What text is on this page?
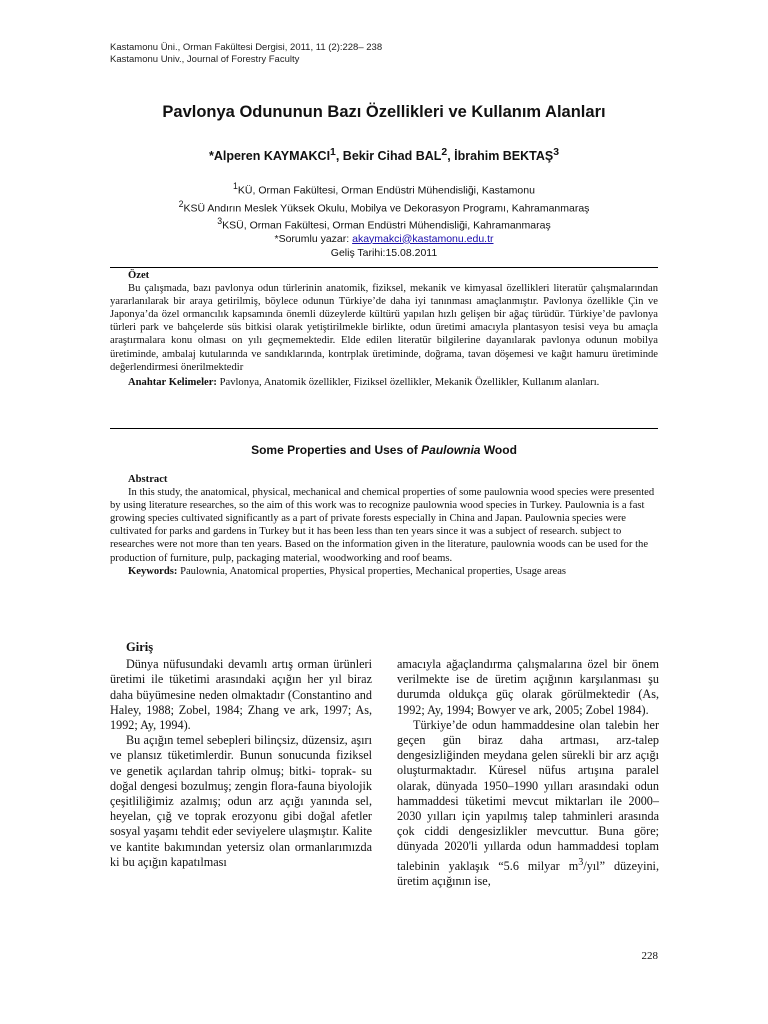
Kastamonu Üni., Orman Fakültesi Dergisi, 2011, 11 (2):228– 238
Kastamonu Univ., Journal of Forestry Faculty
Pavlonya Odununun Bazı Özellikleri ve Kullanım Alanları
*Alperen KAYMAKCI$^1$, Bekir Cihad BAL$^2$, İbrahim BEKTAŞ$^3$
$^1$KÜ, Orman Fakültesi, Orman Endüstri Mühendisliği, Kastamonu
$^2$KSÜ Andırın Meslek Yüksek Okulu, Mobilya ve Dekorasyon Programı, Kahramanmaraş
$^3$KSÜ, Orman Fakültesi, Orman Endüstri Mühendisliği, Kahramanmaraş
*Sorumlu yazar: akaymakci@kastamonu.edu.tr
Geliş Tarihi:15.08.2011

Özet

Bu çalışmada, bazı pavlonya odun türlerinin anatomik, fiziksel, mekanik ve kimyasal özellikleri literatür çalışmalarından yararlanılarak bir araya getirilmiş, böylece odunun Türkiye’de daha iyi tanınması amaçlanmıştır. Pavlonya özellikle Çin ve Japonya’da özel ormancılık kapsamında önemli düzeylerde kültürü yapılan hızlı gelişen bir ağaç türüdür. Türkiye’de pavlonya türleri park ve bahçelerde süs bitkisi olarak yetiştirilmekle birlikte, odun üretimi amacıyla plantasyon tesisi veya bu amaçla araştırmalara konu olması on yılı geçmemektedir. Elde edilen literatür bilgilerine dayanılarak pavlonya odunun mobilya üretiminde, ambalaj kutularında ve sandıklarında, kontrplak üretiminde, doğrama, tavan döşemesi ve kağıt hamuru üretiminde değerlendirmesi önerilmektedir

Anahtar Kelimeler: Pavlonya, Anatomik özellikler, Fiziksel özellikler, Mekanik Özellikler, Kullanım alanları.

Some Properties and Uses of Paulownia Wood

Abstract

In this study, the anatomical, physical, mechanical and chemical properties of some paulownia wood species were presented by using literature researches, so the aim of this work was to recognize paulownia wood species in Turkey. Paulownia is a fast growing species cultivated significantly as a part of private forests especially in China and Japan. Paulownia species were cultivated for parks and gardens in Turkey but it has been less than ten years since it was a subject of research. subject to researches were not more than ten years. Based on the information given in the literature, paulownia woods can be used for the production of furniture, pulp, packaging material, woodworking and roof beams.

Keywords: Paulownia, Anatomical properties, Physical properties, Mechanical properties, Usage areas

Giriş

Dünya nüfusundaki devamlı artış orman ürünleri üretimi ile tüketimi arasındaki açığın her yıl biraz daha büyümesine neden olmaktadır (Constantino and Haley, 1988; Zobel, 1984; Zhang ve ark, 1997; As, 1992; Ay, 1994).

Bu açığın temel sebepleri bilinçsiz, düzensiz, aşırı ve plansız tüketimlerdir. Bunun sonucunda fiziksel ve genetik açılardan tahrip olmuş; bitki- toprak- su doğal dengesi bozulmuş; zengin flora-fauna biyolojik çeşitliliğimiz azalmış; odun arz açığı yanında sel, heyelan, çığ ve toprak erozyonu gibi doğal afetler sosyal yaşamı tehdit eder seviyelere ulaşmıştır. Kalite ve kantite bakımından yetersiz olan ormanlarımızda ki bu açığın kapatılması

amacıyla ağaçlandırma çalışmalarına özel bir önem verilmekte ise de üretim açığının karşılanması şu durumda oldukça güç olarak görülmektedir (As, 1992; Ay, 1994; Bowyer ve ark, 2005; Zobel 1984).

Türkiye’de odun hammaddesine olan talebin her geçen gün biraz daha artması, arz-talep dengesizliğinden meydana gelen sürekli bir arz açığı oluşturmaktadır. Küresel nüfus artışına paralel olarak, dünyada 1950–1990 yılları arasındaki odun hammaddesi tüketimi mevcut miktarları ile 2000–2030 yılları için yapılmış talep tahminleri arasında çok ciddi dengesizlikler mevcuttur. Buna göre; dünyada 2020'li yıllarda odun hammaddesi toplam talebinin yaklaşık “5.6 milyar $m^3$/yıl” düzeyini, üretim açığının ise,

228
